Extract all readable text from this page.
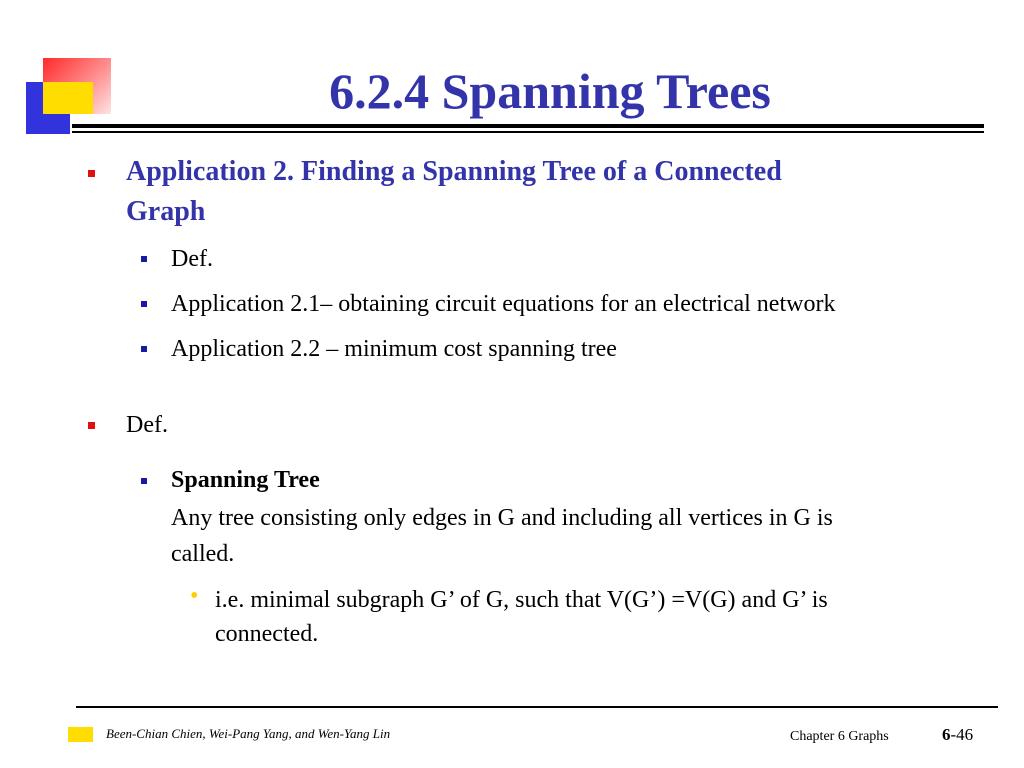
6.2.4 Spanning Trees
Application 2. Finding a Spanning Tree of a Connected
Graph
Def.
Application 2.1– obtaining circuit equations for an electrical network
Application 2.2 – minimum cost spanning tree
Def.
Spanning Tree
Any tree consisting only edges in G and including all vertices in G is
called.
• i.e. minimal subgraph G’ of G, such that V(G’) =V(G) and G’ is
connected.
Been-Chian Chien, Wei-Pang Yang, and Wen-Yang Lin	Chapter 6 Graphs	6-46
